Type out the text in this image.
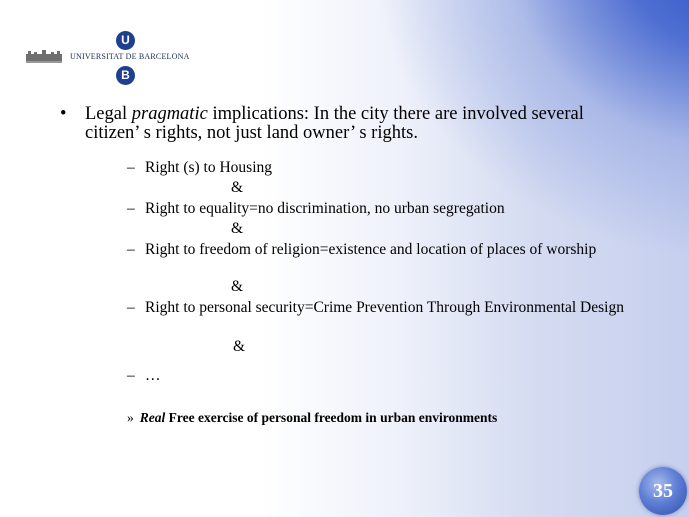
UNIVERSITAT DE BARCELONA
U
B
• Legal pragmatic implications: In the city there are involved several citizen’ s rights, not just land owner’ s rights.
– Right (s) to Housing
&
– Right to equality=no discrimination, no urban segregation
&
– Right to freedom of religion=existence and location of places of worship
&
– Right to personal security=Crime Prevention Through Environmental Design
&
– …
» Real Free exercise of personal freedom in urban environments
35
